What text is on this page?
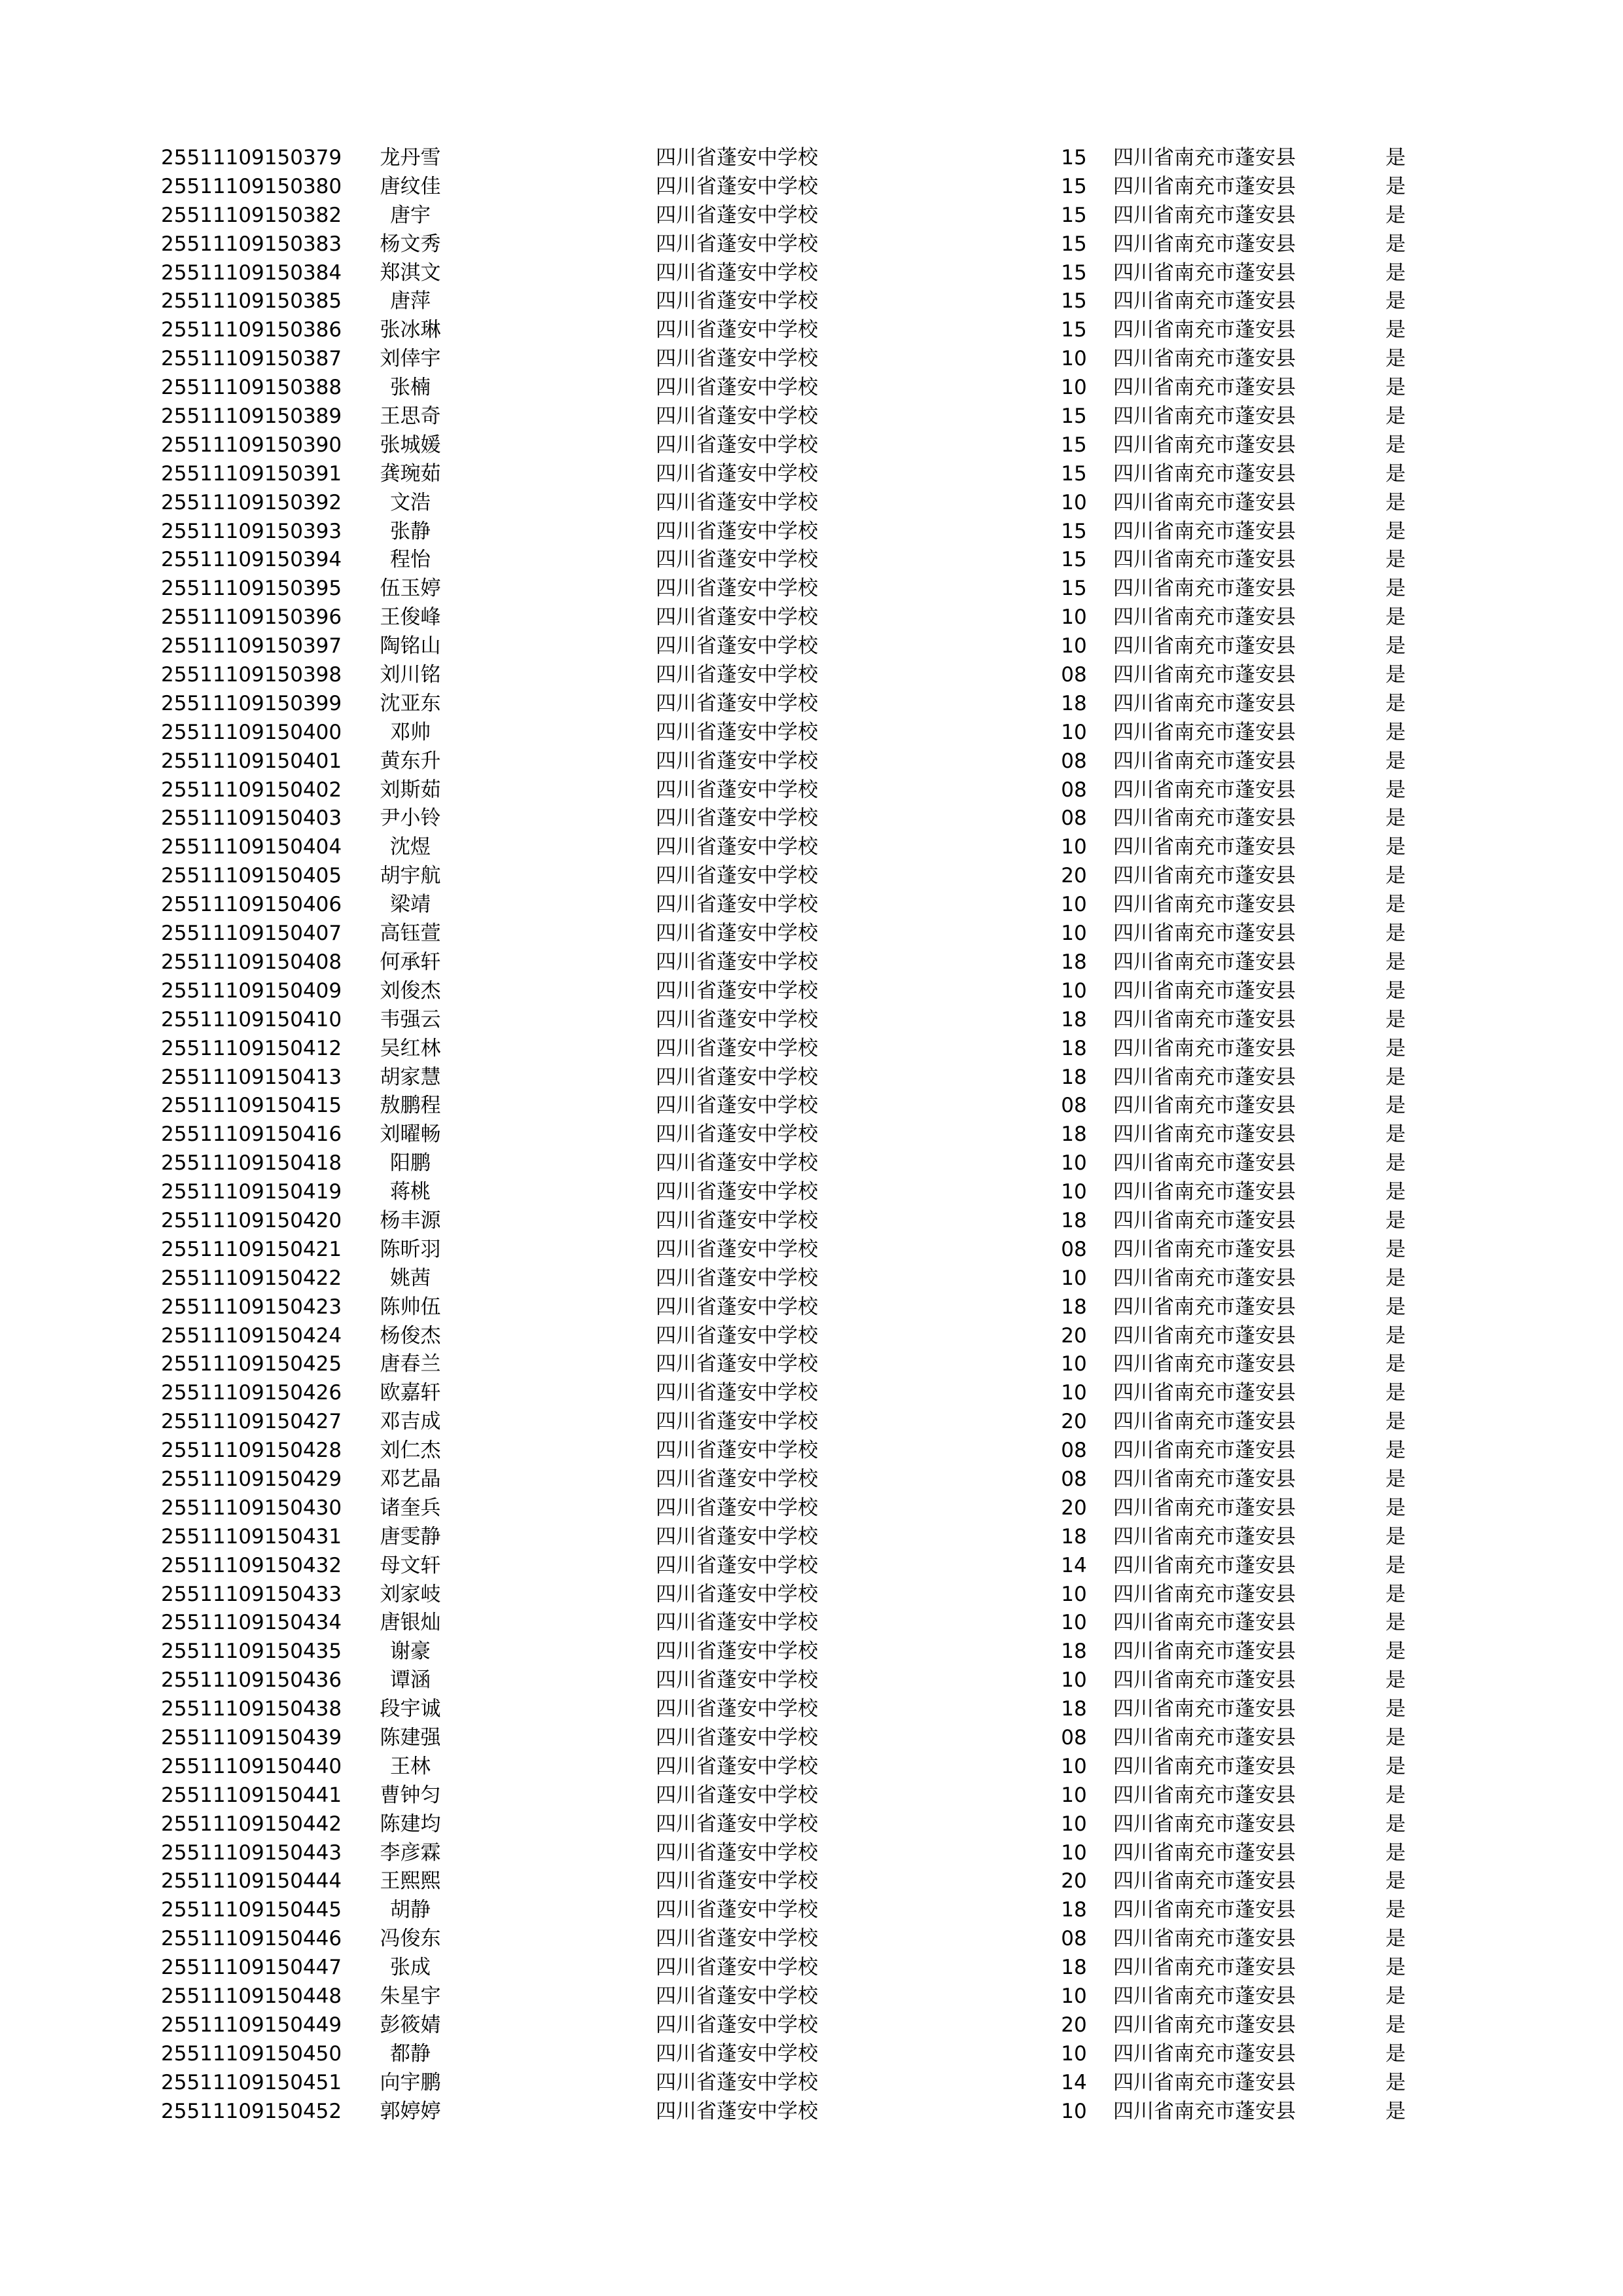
25511109150379	龙丹雪	四川省蓬安中学校	15	四川省南充市蓬安县	是
25511109150380	唐纹佳	四川省蓬安中学校	15	四川省南充市蓬安县	是
25511109150382	唐宇	四川省蓬安中学校	15	四川省南充市蓬安县	是
25511109150383	杨文秀	四川省蓬安中学校	15	四川省南充市蓬安县	是
25511109150384	郑淇文	四川省蓬安中学校	15	四川省南充市蓬安县	是
25511109150385	唐萍	四川省蓬安中学校	15	四川省南充市蓬安县	是
25511109150386	张冰琳	四川省蓬安中学校	15	四川省南充市蓬安县	是
25511109150387	刘倖宇	四川省蓬安中学校	10	四川省南充市蓬安县	是
25511109150388	张楠	四川省蓬安中学校	10	四川省南充市蓬安县	是
25511109150389	王思奇	四川省蓬安中学校	15	四川省南充市蓬安县	是
25511109150390	张城媛	四川省蓬安中学校	15	四川省南充市蓬安县	是
25511109150391	龚琬茹	四川省蓬安中学校	15	四川省南充市蓬安县	是
25511109150392	文浩	四川省蓬安中学校	10	四川省南充市蓬安县	是
25511109150393	张静	四川省蓬安中学校	15	四川省南充市蓬安县	是
25511109150394	程怡	四川省蓬安中学校	15	四川省南充市蓬安县	是
25511109150395	伍玉婷	四川省蓬安中学校	15	四川省南充市蓬安县	是
25511109150396	王俊峰	四川省蓬安中学校	10	四川省南充市蓬安县	是
25511109150397	陶铭山	四川省蓬安中学校	10	四川省南充市蓬安县	是
25511109150398	刘川铭	四川省蓬安中学校	08	四川省南充市蓬安县	是
25511109150399	沈亚东	四川省蓬安中学校	18	四川省南充市蓬安县	是
25511109150400	邓帅	四川省蓬安中学校	10	四川省南充市蓬安县	是
25511109150401	黄东升	四川省蓬安中学校	08	四川省南充市蓬安县	是
25511109150402	刘斯茹	四川省蓬安中学校	08	四川省南充市蓬安县	是
25511109150403	尹小铃	四川省蓬安中学校	08	四川省南充市蓬安县	是
25511109150404	沈煜	四川省蓬安中学校	10	四川省南充市蓬安县	是
25511109150405	胡宇航	四川省蓬安中学校	20	四川省南充市蓬安县	是
25511109150406	梁靖	四川省蓬安中学校	10	四川省南充市蓬安县	是
25511109150407	高钰萱	四川省蓬安中学校	10	四川省南充市蓬安县	是
25511109150408	何承轩	四川省蓬安中学校	18	四川省南充市蓬安县	是
25511109150409	刘俊杰	四川省蓬安中学校	10	四川省南充市蓬安县	是
25511109150410	韦强云	四川省蓬安中学校	18	四川省南充市蓬安县	是
25511109150412	吴红林	四川省蓬安中学校	18	四川省南充市蓬安县	是
25511109150413	胡家慧	四川省蓬安中学校	18	四川省南充市蓬安县	是
25511109150415	敖鹏程	四川省蓬安中学校	08	四川省南充市蓬安县	是
25511109150416	刘曜畅	四川省蓬安中学校	18	四川省南充市蓬安县	是
25511109150418	阳鹏	四川省蓬安中学校	10	四川省南充市蓬安县	是
25511109150419	蒋桃	四川省蓬安中学校	10	四川省南充市蓬安县	是
25511109150420	杨丰源	四川省蓬安中学校	18	四川省南充市蓬安县	是
25511109150421	陈昕羽	四川省蓬安中学校	08	四川省南充市蓬安县	是
25511109150422	姚茜	四川省蓬安中学校	10	四川省南充市蓬安县	是
25511109150423	陈帅伍	四川省蓬安中学校	18	四川省南充市蓬安县	是
25511109150424	杨俊杰	四川省蓬安中学校	20	四川省南充市蓬安县	是
25511109150425	唐春兰	四川省蓬安中学校	10	四川省南充市蓬安县	是
25511109150426	欧嘉轩	四川省蓬安中学校	10	四川省南充市蓬安县	是
25511109150427	邓吉成	四川省蓬安中学校	20	四川省南充市蓬安县	是
25511109150428	刘仁杰	四川省蓬安中学校	08	四川省南充市蓬安县	是
25511109150429	邓艺晶	四川省蓬安中学校	08	四川省南充市蓬安县	是
25511109150430	诸奎兵	四川省蓬安中学校	20	四川省南充市蓬安县	是
25511109150431	唐雯静	四川省蓬安中学校	18	四川省南充市蓬安县	是
25511109150432	母文轩	四川省蓬安中学校	14	四川省南充市蓬安县	是
25511109150433	刘家岐	四川省蓬安中学校	10	四川省南充市蓬安县	是
25511109150434	唐银灿	四川省蓬安中学校	10	四川省南充市蓬安县	是
25511109150435	谢豪	四川省蓬安中学校	18	四川省南充市蓬安县	是
25511109150436	谭涵	四川省蓬安中学校	10	四川省南充市蓬安县	是
25511109150438	段宇诚	四川省蓬安中学校	18	四川省南充市蓬安县	是
25511109150439	陈建强	四川省蓬安中学校	08	四川省南充市蓬安县	是
25511109150440	王林	四川省蓬安中学校	10	四川省南充市蓬安县	是
25511109150441	曹钟匀	四川省蓬安中学校	10	四川省南充市蓬安县	是
25511109150442	陈建均	四川省蓬安中学校	10	四川省南充市蓬安县	是
25511109150443	李彦霖	四川省蓬安中学校	10	四川省南充市蓬安县	是
25511109150444	王熙熙	四川省蓬安中学校	20	四川省南充市蓬安县	是
25511109150445	胡静	四川省蓬安中学校	18	四川省南充市蓬安县	是
25511109150446	冯俊东	四川省蓬安中学校	08	四川省南充市蓬安县	是
25511109150447	张成	四川省蓬安中学校	18	四川省南充市蓬安县	是
25511109150448	朱星宇	四川省蓬安中学校	10	四川省南充市蓬安县	是
25511109150449	彭筱婧	四川省蓬安中学校	20	四川省南充市蓬安县	是
25511109150450	都静	四川省蓬安中学校	10	四川省南充市蓬安县	是
25511109150451	向宇鹏	四川省蓬安中学校	14	四川省南充市蓬安县	是
25511109150452	郭婷婷	四川省蓬安中学校	10	四川省南充市蓬安县	是
